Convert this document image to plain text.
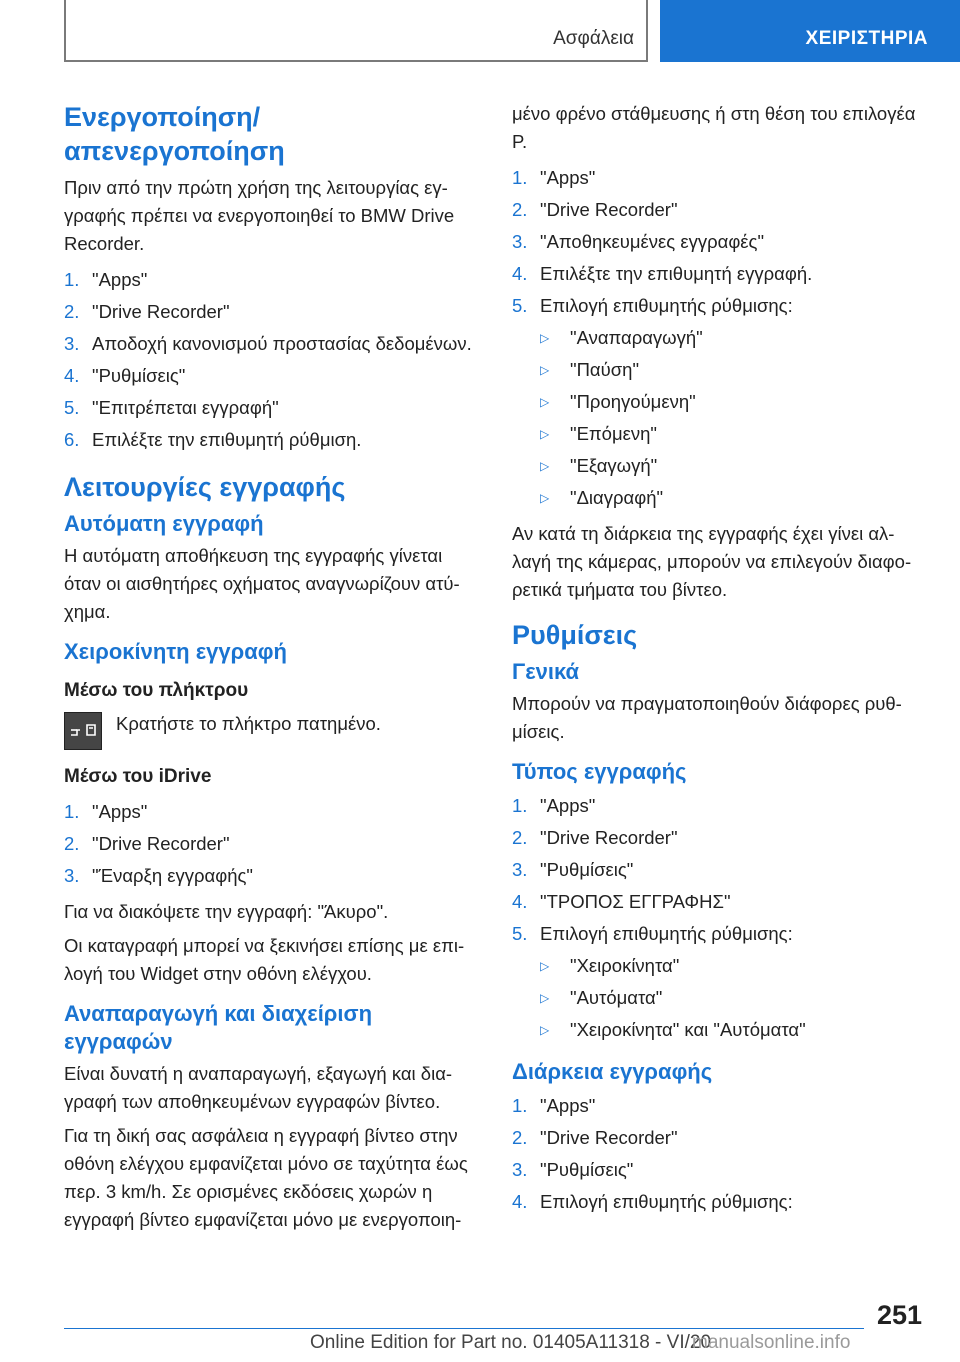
Ασφάλεια	ΧΕΙΡΙΣΤΗΡΙΑ
Ενεργοποίηση/απενεργοποίηση
Πριν από την πρώτη χρήση της λειτουργίας εγ-γραφής πρέπει να ενεργοποιηθεί το BMW Drive Recorder.
1. "Apps"
2. "Drive Recorder"
3. Αποδοχή κανονισμού προστασίας δεδομένων.
4. "Ρυθμίσεις"
5. "Επιτρέπεται εγγραφή"
6. Επιλέξτε την επιθυμητή ρύθμιση.
Λειτουργίες εγγραφής
Αυτόματη εγγραφή
Η αυτόματη αποθήκευση της εγγραφής γίνεται όταν οι αισθητήρες οχήματος αναγνωρίζουν ατύ-χημα.
Χειροκίνητη εγγραφή
Μέσω του πλήκτρου
Κρατήστε το πλήκτρο πατημένο.
Μέσω του iDrive
1. "Apps"
2. "Drive Recorder"
3. "Έναρξη εγγραφής"
Για να διακόψετε την εγγραφή: "Άκυρο".
Οι καταγραφή μπορεί να ξεκινήσει επίσης με επι-λογή του Widget στην οθόνη ελέγχου.
Αναπαραγωγή και διαχείριση εγγραφών
Είναι δυνατή η αναπαραγωγή, εξαγωγή και δια-γραφή των αποθηκευμένων εγγραφών βίντεο.
Για τη δική σας ασφάλεια η εγγραφή βίντεο στην οθόνη ελέγχου εμφανίζεται μόνο σε ταχύτητα έως περ. 3 km/h. Σε ορισμένες εκδόσεις χωρών η εγγραφή βίντεο εμφανίζεται μόνο με ενεργοποιη-
μένο φρένο στάθμευσης ή στη θέση του επιλογέα P.
1. "Apps"
2. "Drive Recorder"
3. "Αποθηκευμένες εγγραφές"
4. Επιλέξτε την επιθυμητή εγγραφή.
5. Επιλογή επιθυμητής ρύθμισης:
▷	"Αναπαραγωγή"
▷	"Παύση"
▷	"Προηγούμενη"
▷	"Επόμενη"
▷	"Εξαγωγή"
▷	"Διαγραφή"
Αν κατά τη διάρκεια της εγγραφής έχει γίνει αλ-λαγή της κάμερας, μπορούν να επιλεγούν διαφο-ρετικά τμήματα του βίντεο.
Ρυθμίσεις
Γενικά
Μπορούν να πραγματοποιηθούν διάφορες ρυθ-μίσεις.
Τύπος εγγραφής
1. "Apps"
2. "Drive Recorder"
3. "Ρυθμίσεις"
4. "ΤΡΟΠΟΣ ΕΓΓΡΑΦΗΣ"
5. Επιλογή επιθυμητής ρύθμισης:
▷	"Χειροκίνητα"
▷	"Αυτόματα"
▷	"Χειροκίνητα" και "Αυτόματα"
Διάρκεια εγγραφής
1. "Apps"
2. "Drive Recorder"
3. "Ρυθμίσεις"
4. Επιλογή επιθυμητής ρύθμισης:
251
Online Edition for Part no. 01405A11318 - VI/20
manualsonline.info
